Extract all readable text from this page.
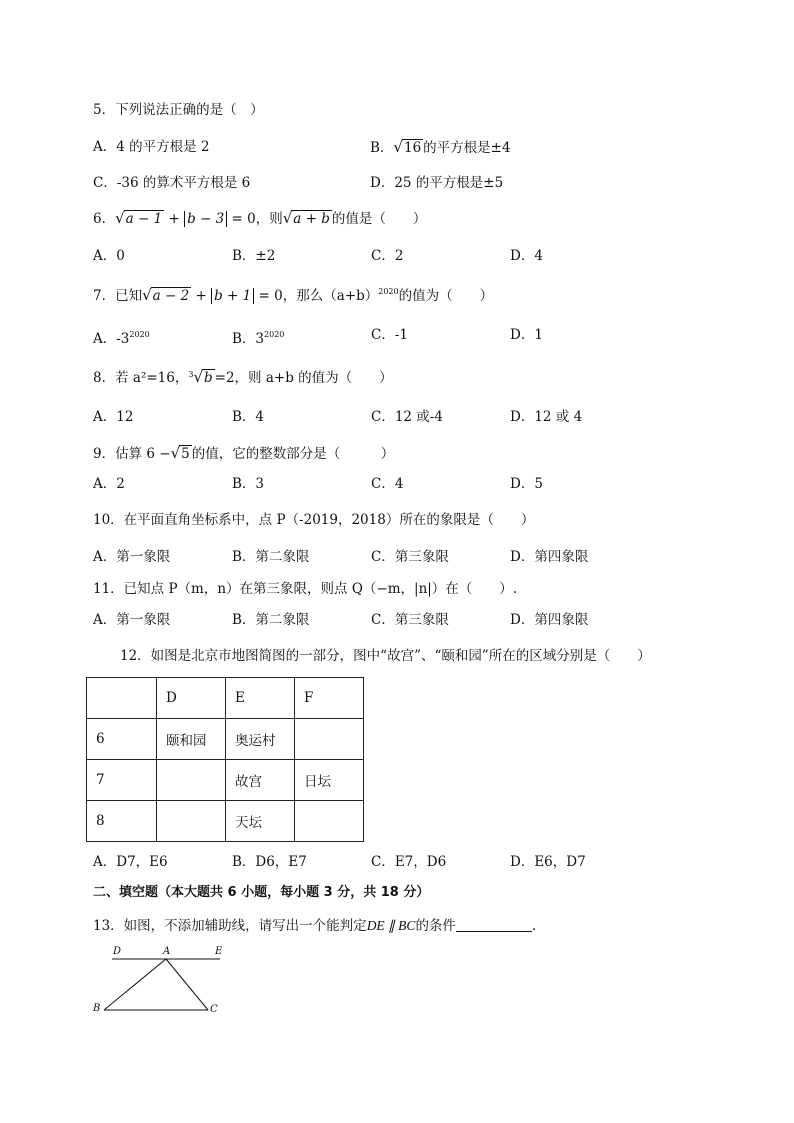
5．下列说法正确的是（　）
A．4 的平方根是 2	B．√16 的平方根是±4
C．-36 的算术平方根是 6	D．25 的平方根是±5
6．√a − 1 + b − 3 = 0，则√a + b 的值是（　　）
A．0	B．±2	C．2	D．4
7．已知√a − 2 + b + 1 = 0，那么$(a+b)^{2020}$的值为（　　）
A．$-3^{2020}$	B．$3^{2020}$	C．-1	D．1
8．若 a²=16，$^3$√b =2，则 a+b 的值为（　　）
A．12	B．4	C．12 或-4	D．12 或 4
9．估算 6 −√5 的值，它的整数部分是（　　　）
A．2	B．3	C．4	D．5
10．在平面直角坐标系中，点 P（-2019，2018）所在的象限是（　　）
A．第一象限	B．第二象限	C．第三象限	D．第四象限
11．已知点 P（m，n）在第三象限，则点 Q（−m，|n|）在（　　）.
A．第一象限	B．第二象限	C．第三象限	D．第四象限
12．如图是北京市地图简图的一部分，图中“故宫”、“颐和园”所在的区域分别是（　　）
	D	E	F
6	颐和园	奥运村	
7		故宫	日坛
8		天坛	
A．D7，E6	B．D6，E7	C．E7，D6	D．E6，D7
二、填空题（本大题共 6 小题，每小题 3 分，共 18 分）
13．如图，不添加辅助线，请写出一个能判定DE ∥ BC的条件	.
D	A	E
B	C
